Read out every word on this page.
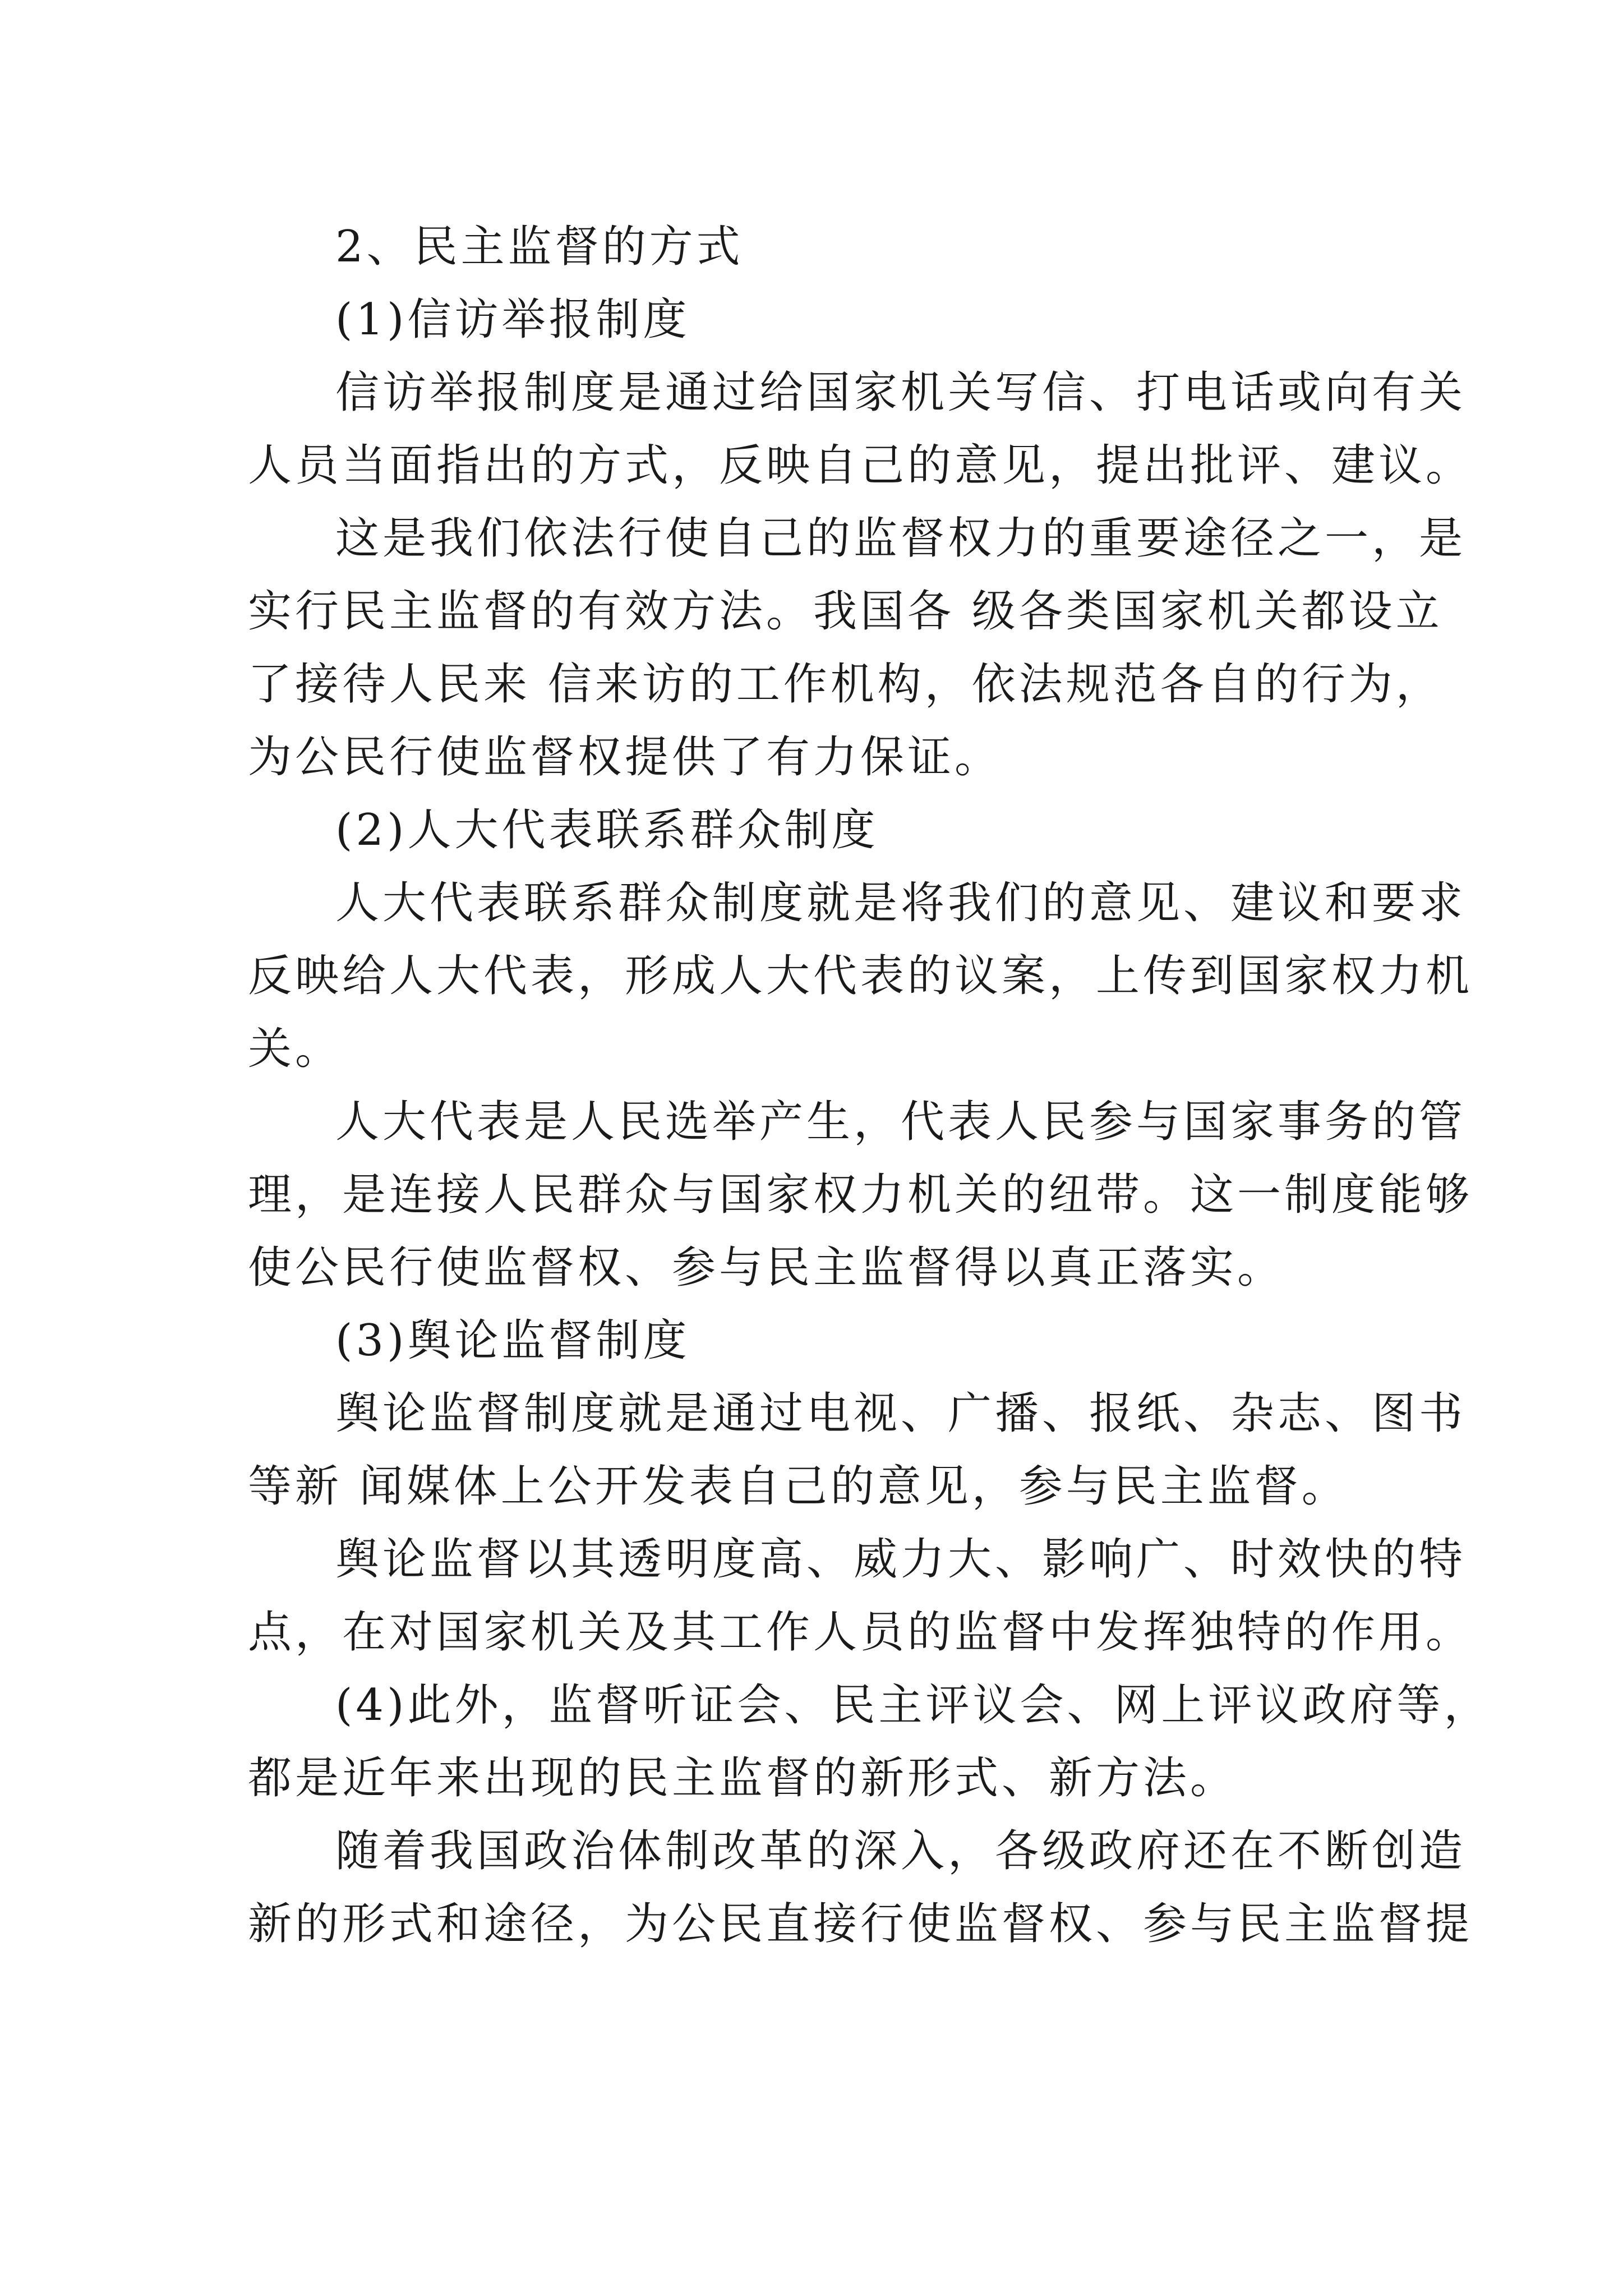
2、民主监督的方式
(1)信访举报制度
信访举报制度是通过给国家机关写信、打电话或向有关
人员当面指出的方式，反映自己的意见，提出批评、建议。
这是我们依法行使自己的监督权力的重要途径之一，是
实行民主监督的有效方法。我国各 级各类国家机关都设立
了接待人民来 信来访的工作机构，依法规范各自的行为，
为公民行使监督权提供了有力保证。
(2)人大代表联系群众制度
人大代表联系群众制度就是将我们的意见、建议和要求
反映给人大代表，形成人大代表的议案，上传到国家权力机
关。
人大代表是人民选举产生，代表人民参与国家事务的管
理，是连接人民群众与国家权力机关的纽带。这一制度能够
使公民行使监督权、参与民主监督得以真正落实。
(3)舆论监督制度
舆论监督制度就是通过电视、广播、报纸、杂志、图书
等新 闻媒体上公开发表自己的意见，参与民主监督。
舆论监督以其透明度高、威力大、影响广、时效快的特
点，在对国家机关及其工作人员的监督中发挥独特的作用。
(4)此外，监督听证会、民主评议会、网上评议政府等，
都是近年来出现的民主监督的新形式、新方法。
随着我国政治体制改革的深入，各级政府还在不断创造
新的形式和途径，为公民直接行使监督权、参与民主监督提
